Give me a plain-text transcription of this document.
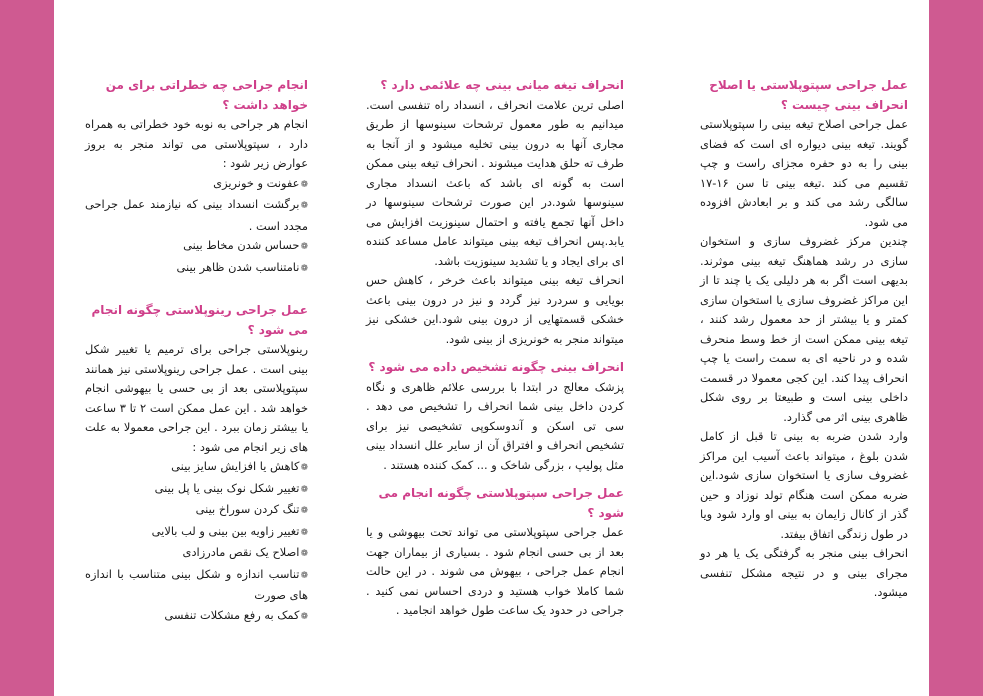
عمل جراحی سپتوپلاستی یا اصلاح انحراف بینی چیست ؟

عمل جراحی اصلاح تیغه بینی را سپتوپلاستی گویند. تیغه بینی دیواره ای است که فضای بینی را به دو حفره مجزای راست و چپ تقسیم می کند .تیغه بینی تا سن ۱۶-۱۷ سالگی رشد می کند و بر ابعادش افزوده می شود.

چندین مرکز غضروف سازی و استخوان سازی در رشد هماهنگ تیغه بینی موثرند. بدیهی است اگر به هر دلیلی یک یا چند تا از این مراکز غضروف سازی یا استخوان سازی کمتر و یا بیشتر از حد معمول رشد کنند ، تیغه بینی ممکن است از خط وسط منحرف شده و در ناحیه ای به سمت راست یا چپ انحراف پیدا کند. این کجی معمولا در قسمت داخلی بینی است و طبیعتا بر روی شکل ظاهری بینی اثر می گذارد.

وارد شدن ضربه به بینی تا قبل از کامل شدن بلوغ ، میتواند باعث آسیب این مراکز غضروف سازی یا استخوان سازی شود.این ضربه ممکن است هنگام تولد نوزاد و حین گذر از کانال زایمان به بینی او وارد شود ویا در طول زندگی اتفاق بیفتد.

انحراف بینی منجر به گرفتگی یک یا هر دو مجرای بینی و در نتیجه مشکل تنفسی میشود.

انحراف تیغه میانی بینی چه علائمی دارد ؟

اصلی ترین علامت انحراف ، انسداد راه تنفسی است. میدانیم به طور معمول ترشحات سینوسها از طریق مجاری آنها به درون بینی تخلیه میشود و از آنجا به طرف ته حلق هدایت میشوند . انحراف تیغه بینی ممکن است به گونه ای باشد که باعث انسداد مجاری سینوسها شود.در این صورت ترشحات سینوسها در داخل آنها تجمع یافته و احتمال سینوزیت افزایش می یابد.پس انحراف تیغه بینی میتواند عامل مساعد کننده ای برای ایجاد و یا تشدید سینوزیت باشد.

انحراف تیغه بینی میتواند باعث خرخر ، کاهش حس بویایی و سردرد نیز گردد و نیز در درون بینی باعث خشکی قسمتهایی از درون بینی شود.این خشکی نیز میتواند منجر به خونریزی از بینی شود.

انحراف بینی چگونه تشخیص داده می شود ؟

پزشک معالج در ابتدا با بررسی علائم ظاهری و نگاه کردن داخل بینی شما انحراف را تشخیص می دهد . سی تی اسکن و آندوسکوپی تشخیصی نیز برای تشخیص انحراف و افتراق آن از سایر علل انسداد بینی مثل پولیپ ، بزرگی شاخک و ... کمک کننده هستند .

عمل جراحی سپتوپلاستی چگونه انجام می شود ؟

عمل جراحی سپتوپلاستی می تواند تحت بیهوشی و یا بعد از بی حسی انجام شود . بسیاری از بیماران جهت انجام عمل جراحی ، بیهوش می شوند . در این حالت شما کاملا خواب هستید و دردی احساس نمی کنید . جراحی در حدود یک ساعت طول خواهد انجامید .

انجام جراحی چه خطراتی برای من خواهد داشت ؟

انجام هر جراحی به نوبه خود خطراتی به همراه دارد ، سپتوپلاستی می تواند منجر به بروز عوارض زیر شود :

❁عفونت و خونریزی
❁برگشت انسداد بینی که نیازمند عمل جراحی مجدد است .
❁حساس شدن مخاط بینی
❁نامتناسب شدن ظاهر بینی
عمل جراحی رینوپلاستی چگونه انجام می شود ؟

رینوپلاستی جراحی برای ترمیم یا تغییر شکل بینی است . عمل جراحی رینوپلاستی نیز همانند سپتوپلاستی بعد از بی حسی یا بیهوشی انجام خواهد شد . این عمل ممکن است ۲ تا ۳ ساعت یا بیشتر زمان ببرد . این جراحی معمولا به علت های زیر انجام می شود :

❁کاهش یا افزایش سایز بینی
❁تغییر شکل نوک بینی یا پل بینی
❁تنگ کردن سوراخ بینی
❁تغییر زاویه بین بینی و لب بالایی
❁اصلاح یک نقص مادرزادی
❁تناسب اندازه و شکل بینی متناسب با اندازه های صورت
❁کمک به رفع مشکلات تنفسی
